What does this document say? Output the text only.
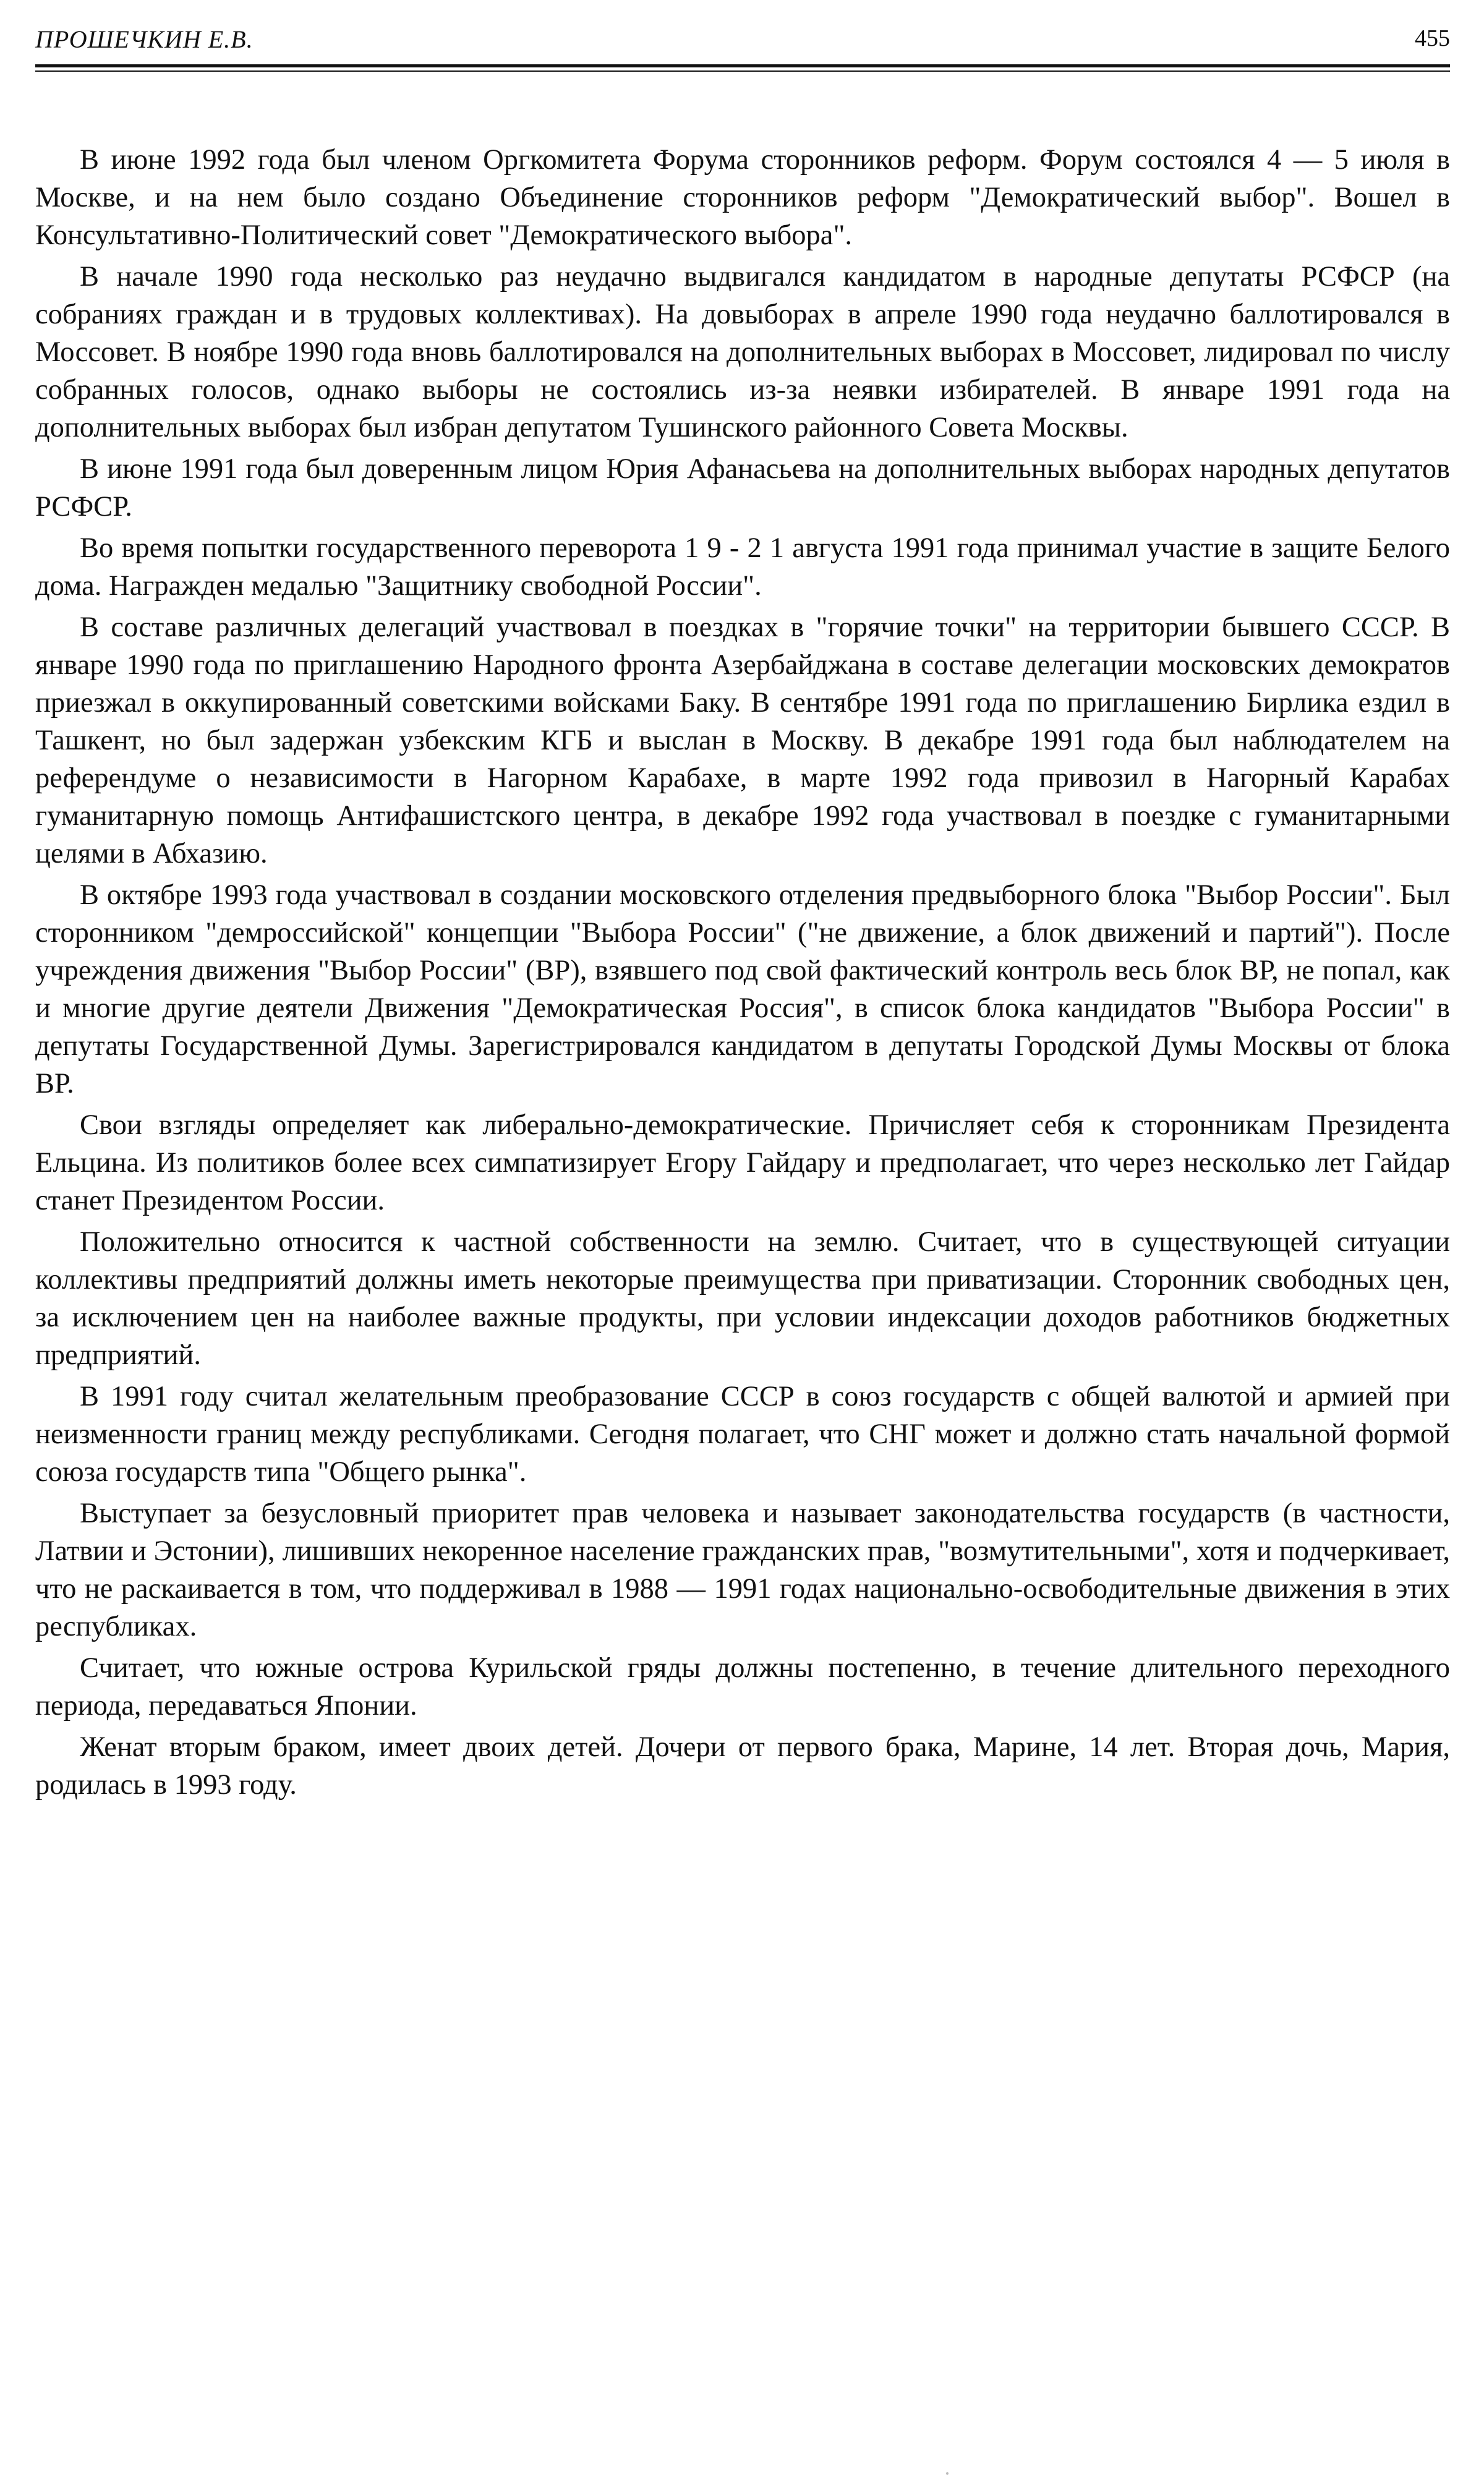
ПРОШЕЧКИН Е.В.	455

В июне 1992 года был членом Оргкомитета Форума сторонников реформ. Форум состоялся 4 — 5 июля в Москве, и на нем было создано Объединение сторонников реформ "Демократический выбор". Вошел в Консультативно-Политический совет "Демократического выбора".

В начале 1990 года несколько раз неудачно выдвигался кандидатом в народные депутаты РСФСР (на собраниях граждан и в трудовых коллективах). На довыборах в апреле 1990 года неудачно баллотировался в Моссовет. В ноябре 1990 года вновь баллотировался на дополнительных выборах в Моссовет, лидировал по числу собранных голосов, однако выборы не состоялись из-за неявки избирателей. В январе 1991 года на дополнительных выборах был избран депутатом Тушинского районного Совета Москвы.

В июне 1991 года был доверенным лицом Юрия Афанасьева на дополнительных выборах народных депутатов РСФСР.

Во время попытки государственного переворота 1 9 - 2 1 августа 1991 года принимал участие в защите Белого дома. Награжден медалью "Защитнику свободной России".

В составе различных делегаций участвовал в поездках в "горячие точки" на территории бывшего СССР. В январе 1990 года по приглашению Народного фронта Азербайджана в составе делегации московских демократов приезжал в оккупированный советскими войсками Баку. В сентябре 1991 года по приглашению Бирлика ездил в Ташкент, но был задержан узбекским КГБ и выслан в Москву. В декабре 1991 года был наблюдателем на референдуме о независимости в Нагорном Карабахе, в марте 1992 года привозил в Нагорный Карабах гуманитарную помощь Антифашистского центра, в декабре 1992 года участвовал в поездке с гуманитарными целями в Абхазию.

В октябре 1993 года участвовал в создании московского отделения предвыборного блока "Выбор России". Был сторонником "демроссийской" концепции "Выбора России" ("не движение, а блок движений и партий"). После учреждения движения "Выбор России" (ВР), взявшего под свой фактический контроль весь блок ВР, не попал, как и многие другие деятели Движения "Демократическая Россия", в список блока кандидатов "Выбора России" в депутаты Государственной Думы. Зарегистрировался кандидатом в депутаты Городской Думы Москвы от блока ВР.

Свои взгляды определяет как либерально-демократические. Причисляет себя к сторонникам Президента Ельцина. Из политиков более всех симпатизирует Егору Гайдару и предполагает, что через несколько лет Гайдар станет Президентом России.

Положительно относится к частной собственности на землю. Считает, что в существующей ситуации коллективы предприятий должны иметь некоторые преимущества при приватизации. Сторонник свободных цен, за исключением цен на наиболее важные продукты, при условии индексации доходов работников бюджетных предприятий.

В 1991 году считал желательным преобразование СССР в союз государств с общей валютой и армией при неизменности границ между республиками. Сегодня полагает, что СНГ может и должно стать начальной формой союза государств типа "Общего рынка".

Выступает за безусловный приоритет прав человека и называет законодательства государств (в частности, Латвии и Эстонии), лишивших некоренное население гражданских прав, "возмутительными", хотя и подчеркивает, что не раскаивается в том, что поддерживал в 1988 — 1991 годах национально-освободительные движения в этих республиках.

Считает, что южные острова Курильской гряды должны постепенно, в течение длительного переходного периода, передаваться Японии.

Женат вторым браком, имеет двоих детей. Дочери от первого брака, Марине, 14 лет. Вторая дочь, Мария, родилась в 1993 году.
